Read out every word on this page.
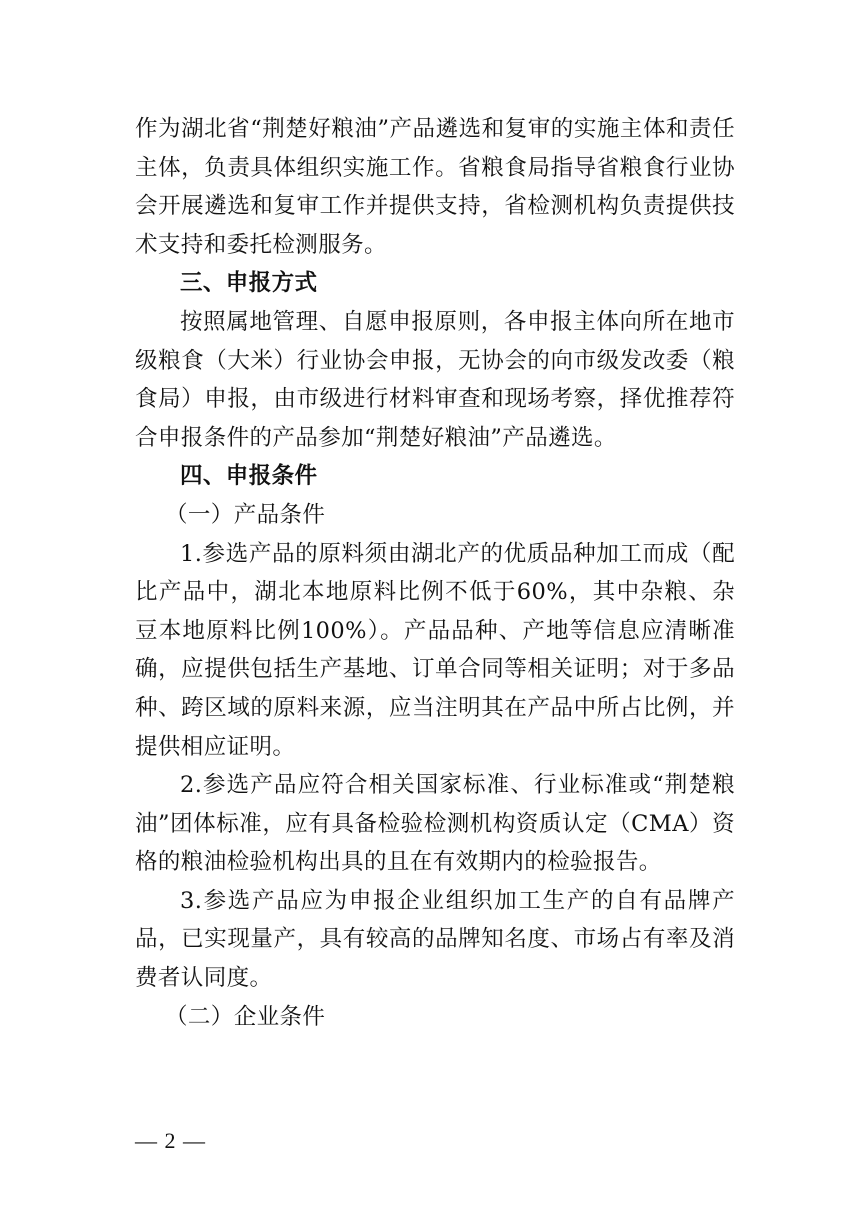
作为湖北省“荆楚好粮油”产品遴选和复审的实施主体和责任主体，负责具体组织实施工作。省粮食局指导省粮食行业协会开展遴选和复审工作并提供支持，省检测机构负责提供技术支持和委托检测服务。

三、申报方式

按照属地管理、自愿申报原则，各申报主体向所在地市级粮食（大米）行业协会申报，无协会的向市级发改委（粮食局）申报，由市级进行材料审查和现场考察，择优推荐符合申报条件的产品参加“荆楚好粮油”产品遴选。

四、申报条件

（一）产品条件

1.参选产品的原料须由湖北产的优质品种加工而成（配比产品中，湖北本地原料比例不低于60%，其中杂粮、杂豆本地原料比例100%）。产品品种、产地等信息应清晰准确，应提供包括生产基地、订单合同等相关证明；对于多品种、跨区域的原料来源，应当注明其在产品中所占比例，并提供相应证明。

2.参选产品应符合相关国家标准、行业标准或“荆楚粮油”团体标准，应有具备检验检测机构资质认定（CMA）资格的粮油检验机构出具的且在有效期内的检验报告。

3.参选产品应为申报企业组织加工生产的自有品牌产品，已实现量产，具有较高的品牌知名度、市场占有率及消费者认同度。

（二）企业条件

— 2 —
